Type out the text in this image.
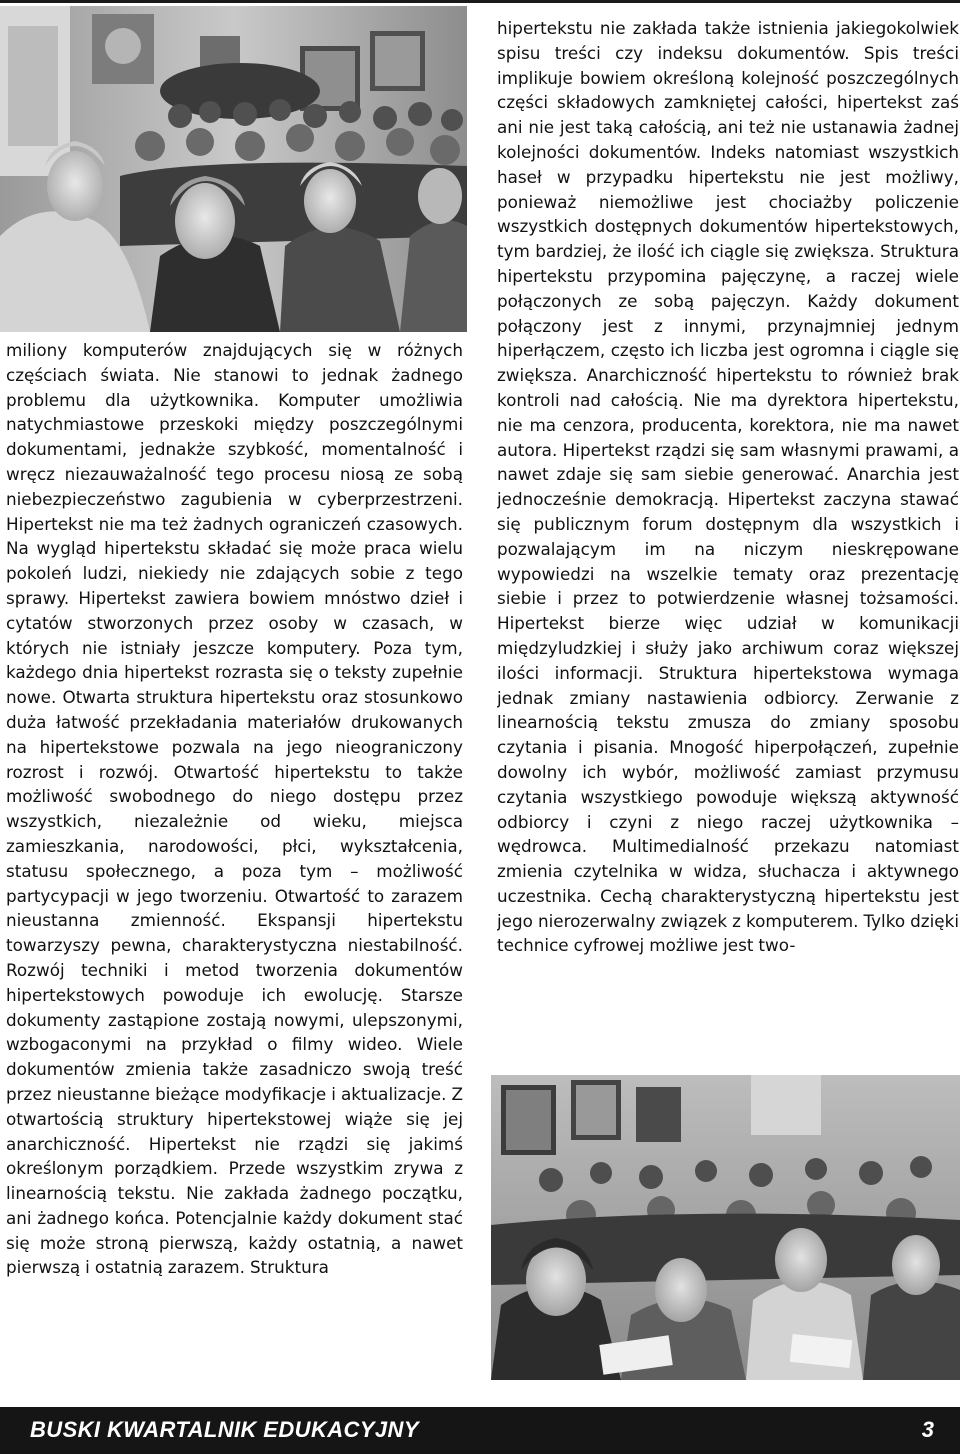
miliony komputerów znajdujących się w różnych częściach świata. Nie stanowi to jednak żadnego problemu dla użytkownika. Komputer umożliwia natychmiastowe przeskoki między poszczególnymi dokumentami, jednakże szybkość, momentalność i wręcz niezauważalność tego procesu niosą ze sobą niebezpieczeństwo zagubienia w cyberprzestrzeni. Hipertekst nie ma też żadnych ograniczeń czasowych. Na wygląd hipertekstu składać się może praca wielu pokoleń ludzi, niekiedy nie zdających sobie z tego sprawy. Hipertekst zawiera bowiem mnóstwo dzieł i cytatów stworzonych przez osoby w czasach, w których nie istniały jeszcze komputery. Poza tym, każdego dnia hipertekst rozrasta się o teksty zupełnie nowe. Otwarta struktura hipertekstu oraz stosunkowo duża łatwość przekładania materiałów drukowanych na hipertekstowe pozwala na jego nieograniczony rozrost i rozwój. Otwartość hipertekstu to także możliwość swobodnego do niego dostępu przez wszystkich, niezależnie od wieku, miejsca zamieszkania, narodowości, płci, wykształcenia, statusu społecznego, a poza tym – możliwość partycypacji w jego tworzeniu. Otwartość to zarazem nieustanna zmienność. Ekspansji hipertekstu towarzyszy pewna, charakterystyczna niestabilność. Rozwój techniki i metod tworzenia dokumentów hipertekstowych powoduje ich ewolucję. Starsze dokumenty zastąpione zostają nowymi, ulepszonymi, wzbogaconymi na przykład o filmy wideo. Wiele dokumentów zmienia także zasadniczo swoją treść przez nieustanne bieżące modyfikacje i aktualizacje. Z otwartością struktury hipertekstowej wiąże się jej anarchiczność. Hipertekst nie rządzi się jakimś określonym porządkiem. Przede wszystkim zrywa z linearnością tekstu. Nie zakłada żadnego początku, ani żadnego końca. Potencjalnie każdy dokument stać się może stroną pierwszą, każdy ostatnią, a nawet pierwszą i ostatnią zarazem. Struktura

hipertekstu nie zakłada także istnienia jakiegokolwiek spisu treści czy indeksu dokumentów. Spis treści implikuje bowiem określoną kolejność poszczególnych części składowych zamkniętej całości, hipertekst zaś ani nie jest taką całością, ani też nie ustanawia żadnej kolejności dokumentów. Indeks natomiast wszystkich haseł w przypadku hipertekstu nie jest możliwy, ponieważ niemożliwe jest chociażby policzenie wszystkich dostępnych dokumentów hipertekstowych, tym bardziej, że ilość ich ciągle się zwiększa. Struktura hipertekstu przypomina pajęczynę, a raczej wiele połączonych ze sobą pajęczyn. Każdy dokument połączony jest z innymi, przynajmniej jednym hiperłączem, często ich liczba jest ogromna i ciągle się zwiększa. Anarchiczność hipertekstu to również brak kontroli nad całością. Nie ma dyrektora hipertekstu, nie ma cenzora, producenta, korektora, nie ma nawet autora. Hipertekst rządzi się sam własnymi prawami, a nawet zdaje się sam siebie generować. Anarchia jest jednocześnie demokracją. Hipertekst zaczyna stawać się publicznym forum dostępnym dla wszystkich i pozwalającym im na niczym nieskrępowane wypowiedzi na wszelkie tematy oraz prezentację siebie i przez to potwierdzenie własnej tożsamości. Hipertekst bierze więc udział w komunikacji międzyludzkiej i służy jako archiwum coraz większej ilości informacji. Struktura hipertekstowa wymaga jednak zmiany nastawienia odbiorcy. Zerwanie z linearnością tekstu zmusza do zmiany sposobu czytania i pisania. Mnogość hiperpołączeń, zupełnie dowolny ich wybór, możliwość zamiast przymusu czytania wszystkiego powoduje większą aktywność odbiorcy i czyni z niego raczej użytkownika – wędrowca. Multimedialność przekazu natomiast zmienia czytelnika w widza, słuchacza i aktywnego uczestnika. Cechą charakterystyczną hipertekstu jest jego nierozerwalny związek z komputerem. Tylko dzięki technice cyfrowej możliwe jest two-

BUSKI KWARTALNIK EDUKACYJNY	3
